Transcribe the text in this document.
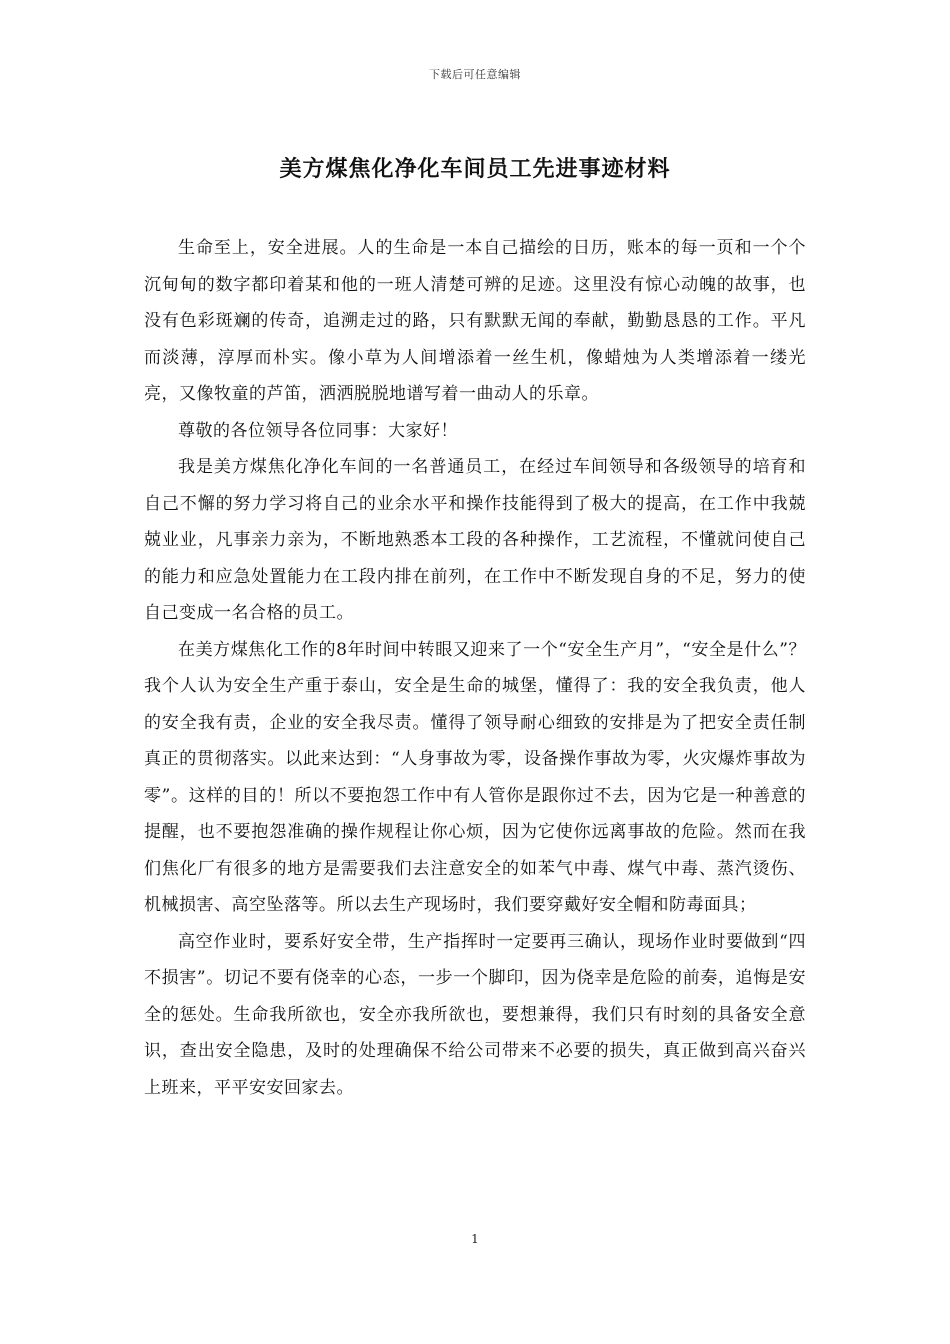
下载后可任意编辑
美方煤焦化净化车间员工先进事迹材料

生命至上，安全进展。人的生命是一本自己描绘的日历，账本的每一页和一个个沉甸甸的数字都印着某和他的一班人清楚可辨的足迹。这里没有惊心动魄的故事，也没有色彩斑斓的传奇，追溯走过的路，只有默默无闻的奉献，勤勤恳恳的工作。平凡而淡薄，淳厚而朴实。像小草为人间增添着一丝生机，像蜡烛为人类增添着一缕光亮，又像牧童的芦笛，洒洒脱脱地谱写着一曲动人的乐章。

尊敬的各位领导各位同事：大家好！

我是美方煤焦化净化车间的一名普通员工，在经过车间领导和各级领导的培育和自己不懈的努力学习将自己的业余水平和操作技能得到了极大的提高，在工作中我兢兢业业，凡事亲力亲为，不断地熟悉本工段的各种操作，工艺流程，不懂就问使自己的能力和应急处置能力在工段内排在前列，在工作中不断发现自身的不足，努力的使自己变成一名合格的员工。

在美方煤焦化工作的8年时间中转眼又迎来了一个“安全生产月”，“安全是什么”？我个人认为安全生产重于泰山，安全是生命的城堡，懂得了：我的安全我负责，他人的安全我有责，企业的安全我尽责。懂得了领导耐心细致的安排是为了把安全责任制真正的贯彻落实。以此来达到：“人身事故为零，设备操作事故为零，火灾爆炸事故为零”。这样的目的！所以不要抱怨工作中有人管你是跟你过不去，因为它是一种善意的提醒，也不要抱怨准确的操作规程让你心烦，因为它使你远离事故的危险。然而在我们焦化厂有很多的地方是需要我们去注意安全的如苯气中毒、煤气中毒、蒸汽烫伤、机械损害、高空坠落等。所以去生产现场时，我们要穿戴好安全帽和防毒面具；

高空作业时，要系好安全带，生产指挥时一定要再三确认，现场作业时要做到“四不损害”。切记不要有侥幸的心态，一步一个脚印，因为侥幸是危险的前奏，追悔是安全的惩处。生命我所欲也，安全亦我所欲也，要想兼得，我们只有时刻的具备安全意识，查出安全隐患，及时的处理确保不给公司带来不必要的损失，真正做到高兴奋兴上班来，平平安安回家去。

1
